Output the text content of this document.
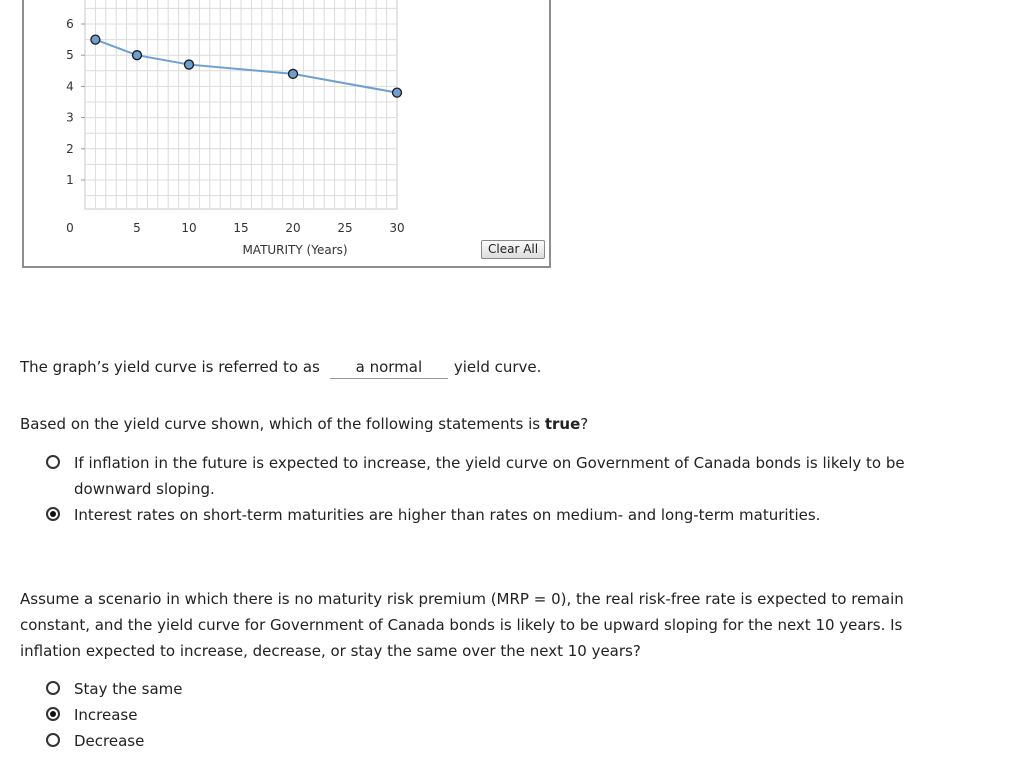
1
2
3
4
5
6
0	5	10	15	20	25	30
MATURITY (Years)	Clear All
The graph’s yield curve is referred to as a normal yield curve.
Based on the yield curve shown, which of the following statements is true?
If inflation in the future is expected to increase, the yield curve on Government of Canada bonds is likely to be downward sloping.
Interest rates on short-term maturities are higher than rates on medium- and long-term maturities.
Assume a scenario in which there is no maturity risk premium (MRP = 0), the real risk-free rate is expected to remain constant, and the yield curve for Government of Canada bonds is likely to be upward sloping for the next 10 years. Is inflation expected to increase, decrease, or stay the same over the next 10 years?
Stay the same
Increase
Decrease
